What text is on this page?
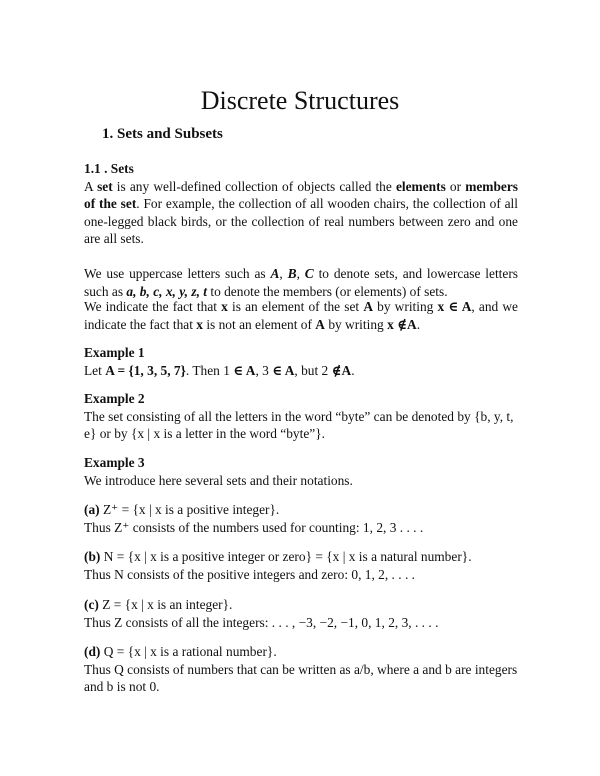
Discrete Structures
1. Sets and Subsets
1.1 . Sets
A set is any well-defined collection of objects called the elements or members of the set. For example, the collection of all wooden chairs, the collection of all one-legged black birds, or the collection of real numbers between zero and one are all sets.
We use uppercase letters such as A, B, C to denote sets, and lowercase letters such as a, b, c, x, y, z, t to denote the members (or elements) of sets.
We indicate the fact that x is an element of the set A by writing x ∈ A, and we indicate the fact that x is not an element of A by writing x ∉A.
Example 1
Let A = {1, 3, 5, 7}. Then 1 ∈ A, 3 ∈ A, but 2 ∉A.
Example 2
The set consisting of all the letters in the word “byte” can be denoted by {b, y, t, e} or by {x | x is a letter in the word “byte”}.
Example 3
We introduce here several sets and their notations.
(a) Z⁺ = {x | x is a positive integer}.
Thus Z⁺ consists of the numbers used for counting: 1, 2, 3 . . . .
(b) N = {x | x is a positive integer or zero} = {x | x is a natural number}.
Thus N consists of the positive integers and zero: 0, 1, 2, . . . .
(c) Z = {x | x is an integer}.
Thus Z consists of all the integers: . . . , −3, −2, −1, 0, 1, 2, 3, . . . .
(d) Q = {x | x is a rational number}.
Thus Q consists of numbers that can be written as a/b, where a and b are integers and b is not 0.
